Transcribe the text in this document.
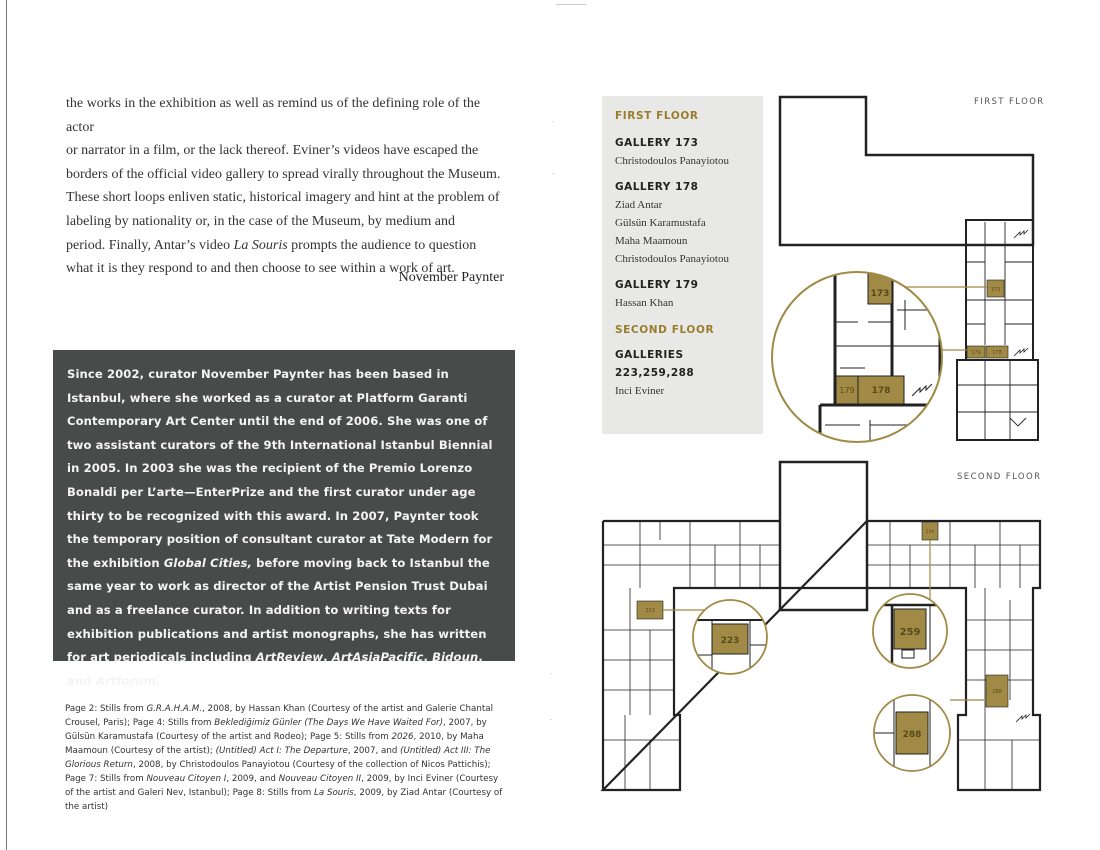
the works in the exhibition as well as remind us of the defining role of the actor

or narrator in a film, or the lack thereof. Eviner’s videos have escaped the

borders of the official video gallery to spread virally throughout the Museum.

These short loops enliven static, historical imagery and hint at the problem of

labeling by nationality or, in the case of the Museum, by medium and

period. Finally, Antar’s video La Souris prompts the audience to question

what it is they respond to and then choose to see within a work of art.

November Paynter

Since 2002, curator November Paynter has been based in Istanbul, where she worked as a curator at Platform Garanti Contemporary Art Center until the end of 2006. She was one of two assistant curators of the 9th International Istanbul Biennial in 2005. In 2003 she was the recipient of the Premio Lorenzo Bonaldi per L’arte—EnterPrize and the first curator under age thirty to be recognized with this award. In 2007, Paynter took the temporary position of consultant curator at Tate Modern for the exhibition Global Cities, before moving back to Istanbul the same year to work as director of the Artist Pension Trust Dubai and as a freelance curator. In addition to writing texts for exhibition publications and artist monographs, she has written for art periodicals including ArtReview, ArtAsiaPacific, Bidoun, and Artforum.

Page 2: Stills from G.R.A.H.A.M., 2008, by Hassan Khan (Courtesy of the artist and Galerie Chantal Crousel, Paris); Page 4: Stills from Beklediğimiz Günler (The Days We Have Waited For), 2007, by Gülsün Karamustafa (Courtesy of the artist and Rodeo); Page 5: Stills from 2026, 2010, by Maha Maamoun (Courtesy of the artist); (Untitled) Act I: The Departure, 2007, and (Untitled) Act III: The Glorious Return, 2008, by Christodoulos Panayiotou (Courtesy of the collection of Nicos Pattichis); Page 7: Stills from Nouveau Citoyen I, 2009, and Nouveau Citoyen II, 2009, by Inci Eviner (Courtesy of the artist and Galeri Nev, Istanbul); Page 8: Stills from La Souris, 2009, by Ziad Antar (Courtesy of the artist)

·
·
·
·

FIRST FLOOR

GALLERY 173

Christodoulos Panayiotou

GALLERY 178

Ziad Antar

Gülsün Karamustafa

Maha Maamoun

Christodoulos Panayiotou

GALLERY 179

Hassan Khan

SECOND FLOOR

GALLERIES

223,259,288

Inci Eviner

FIRST FLOOR
SECOND FLOOR
173
179 178
173
179 178
223
259
288
223
259
288
